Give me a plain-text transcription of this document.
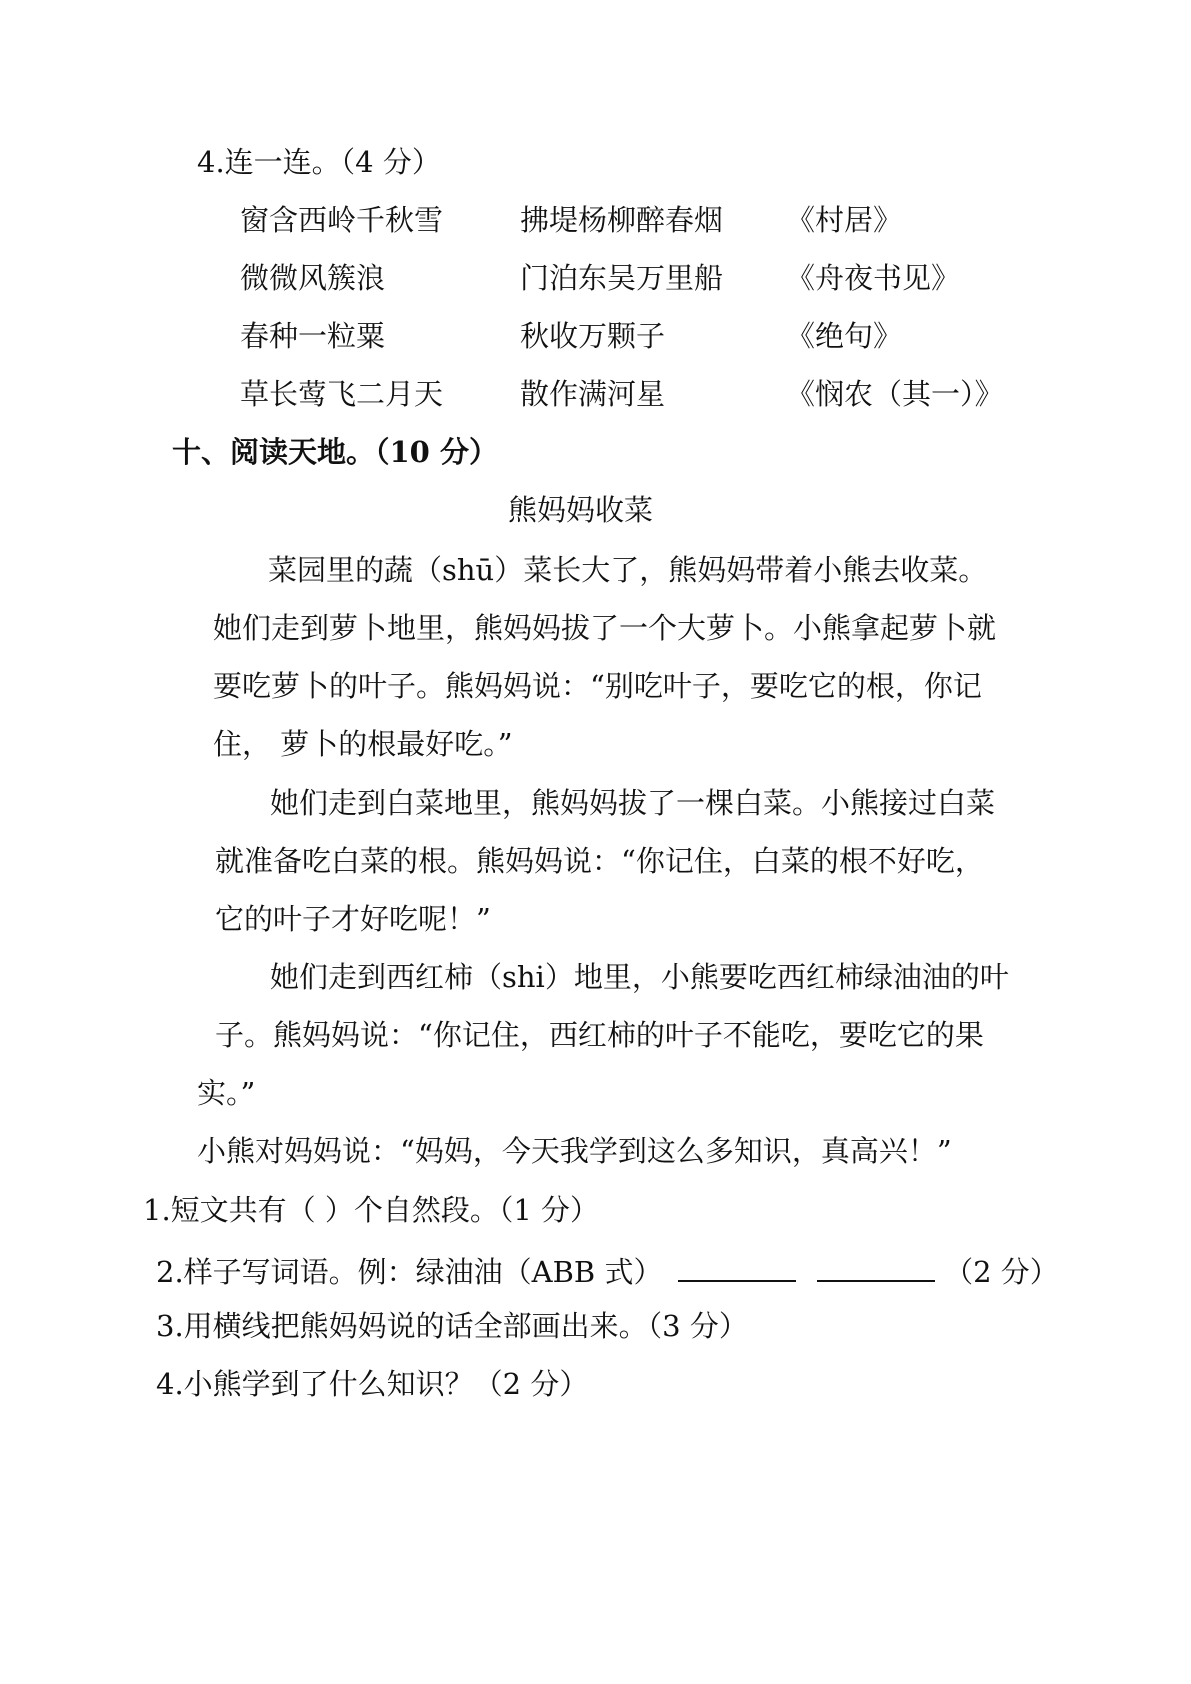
4.连一连。（4 分）
窗含西岭千秋雪	拂堤杨柳醉春烟 《村居》
微微风簇浪	门泊东吴万里船 《舟夜书见》
春种一粒粟	秋收万颗子	《绝句》
草长莺飞二月天	散作满河星	《悯农（其一）》
十、阅读天地。（10 分）
熊妈妈收菜
菜园里的蔬（shū）菜长大了，熊妈妈带着小熊去收菜。
她们走到萝卜地里，熊妈妈拔了一个大萝卜。小熊拿起萝卜就
要吃萝卜的叶子。熊妈妈说：“别吃叶子，要吃它的根，你记
住， 萝卜的根最好吃。”
她们走到白菜地里，熊妈妈拔了一棵白菜。小熊接过白菜
就准备吃白菜的根。熊妈妈说：“你记住，白菜的根不好吃，
它的叶子才好吃呢！”
她们走到西红柿（shi）地里，小熊要吃西红柿绿油油的叶
子。熊妈妈说：“你记住，西红柿的叶子不能吃，要吃它的果
实。”
小熊对妈妈说：“妈妈，今天我学到这么多知识，真高兴！”
1.短文共有（ ）个自然段。（1 分）
2.样子写词语。例：绿油油（ABB 式）	（2 分）
3.用横线把熊妈妈说的话全部画出来。（3 分）
4.小熊学到了什么知识？（2 分）
